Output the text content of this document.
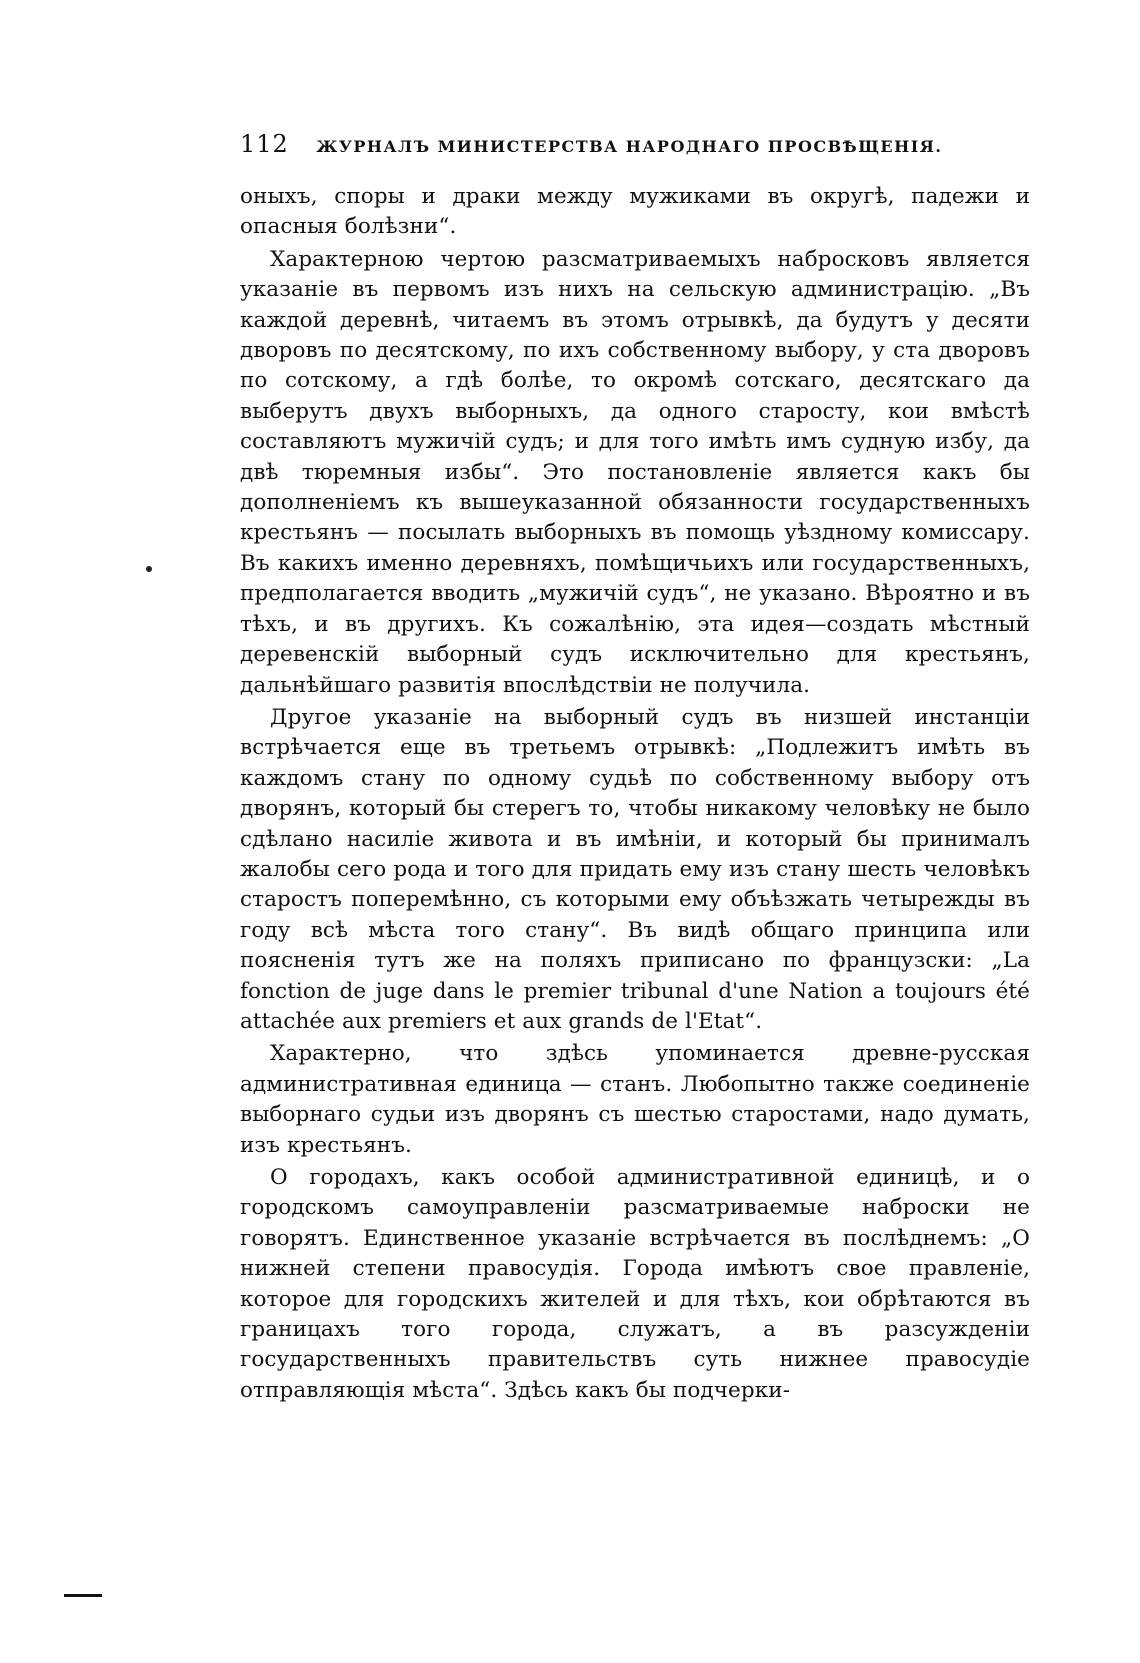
112	ЖУРНАЛЪ МИНИСТЕРСТВА НАРОДНАГО ПРОСВѢЩЕНІЯ.

оныхъ, споры и драки между мужиками въ округѣ, падежи и опасныя болѣзни“.

Характерною чертою разсматриваемыхъ набросковъ является указаніе въ первомъ изъ нихъ на сельскую администрацію. „Въ каждой деревнѣ, читаемъ въ этомъ отрывкѣ, да будутъ у десяти дворовъ по десятскому, по ихъ собственному выбору, у ста дворовъ по сотскому, а гдѣ болѣе, то окромѣ сотскаго, десятскаго да выберутъ двухъ выборныхъ, да одного старосту, кои вмѣстѣ составляютъ мужичій судъ; и для того имѣть имъ судную избу, да двѣ тюремныя избы“. Это постановленіе является какъ бы дополненіемъ къ вышеуказанной обязанности государственныхъ крестьянъ — посылать выборныхъ въ помощь уѣздному комиссару. Въ какихъ именно деревняхъ, помѣщичьихъ или государственныхъ, предполагается вводить „мужичій судъ“, не указано. Вѣроятно и въ тѣхъ, и въ другихъ. Къ сожалѣнію, эта идея—создать мѣстный деревенскій выборный судъ исключительно для крестьянъ, дальнѣйшаго развитія впослѣдствіи не получила.

Другое указаніе на выборный судъ въ низшей инстанціи встрѣчается еще въ третьемъ отрывкѣ: „Подлежитъ имѣть въ каждомъ стану по одному судьѣ по собственному выбору отъ дворянъ, который бы стерегъ то, чтобы никакому человѣку не было сдѣлано насиліе живота и въ имѣніи, и который бы принималъ жалобы сего рода и того для придать ему изъ стану шесть человѣкъ старостъ поперемѣнно, съ которыми ему объѣзжать четырежды въ году всѣ мѣста того стану“. Въ видѣ общаго принципа или поясненія тутъ же на поляхъ приписано по французски: „La fonction de juge dans le premier tribunal d'une Nation a toujours été attachée aux premiers et aux grands de l'Etat“.

Характерно, что здѣсь упоминается древне-русская административная единица — станъ. Любопытно также соединеніе выборнаго судьи изъ дворянъ съ шестью старостами, надо думать, изъ крестьянъ.

О городахъ, какъ особой административной единицѣ, и о городскомъ самоуправленіи разсматриваемые наброски не говорятъ. Единственное указаніе встрѣчается въ послѣднемъ: „О нижней степени правосудія. Города имѣютъ свое правленіе, которое для городскихъ жителей и для тѣхъ, кои обрѣтаются въ границахъ того города, служатъ, а въ разсужденіи государственныхъ правительствъ суть нижнее правосудіе отправляющія мѣста“. Здѣсь какъ бы подчерки-
